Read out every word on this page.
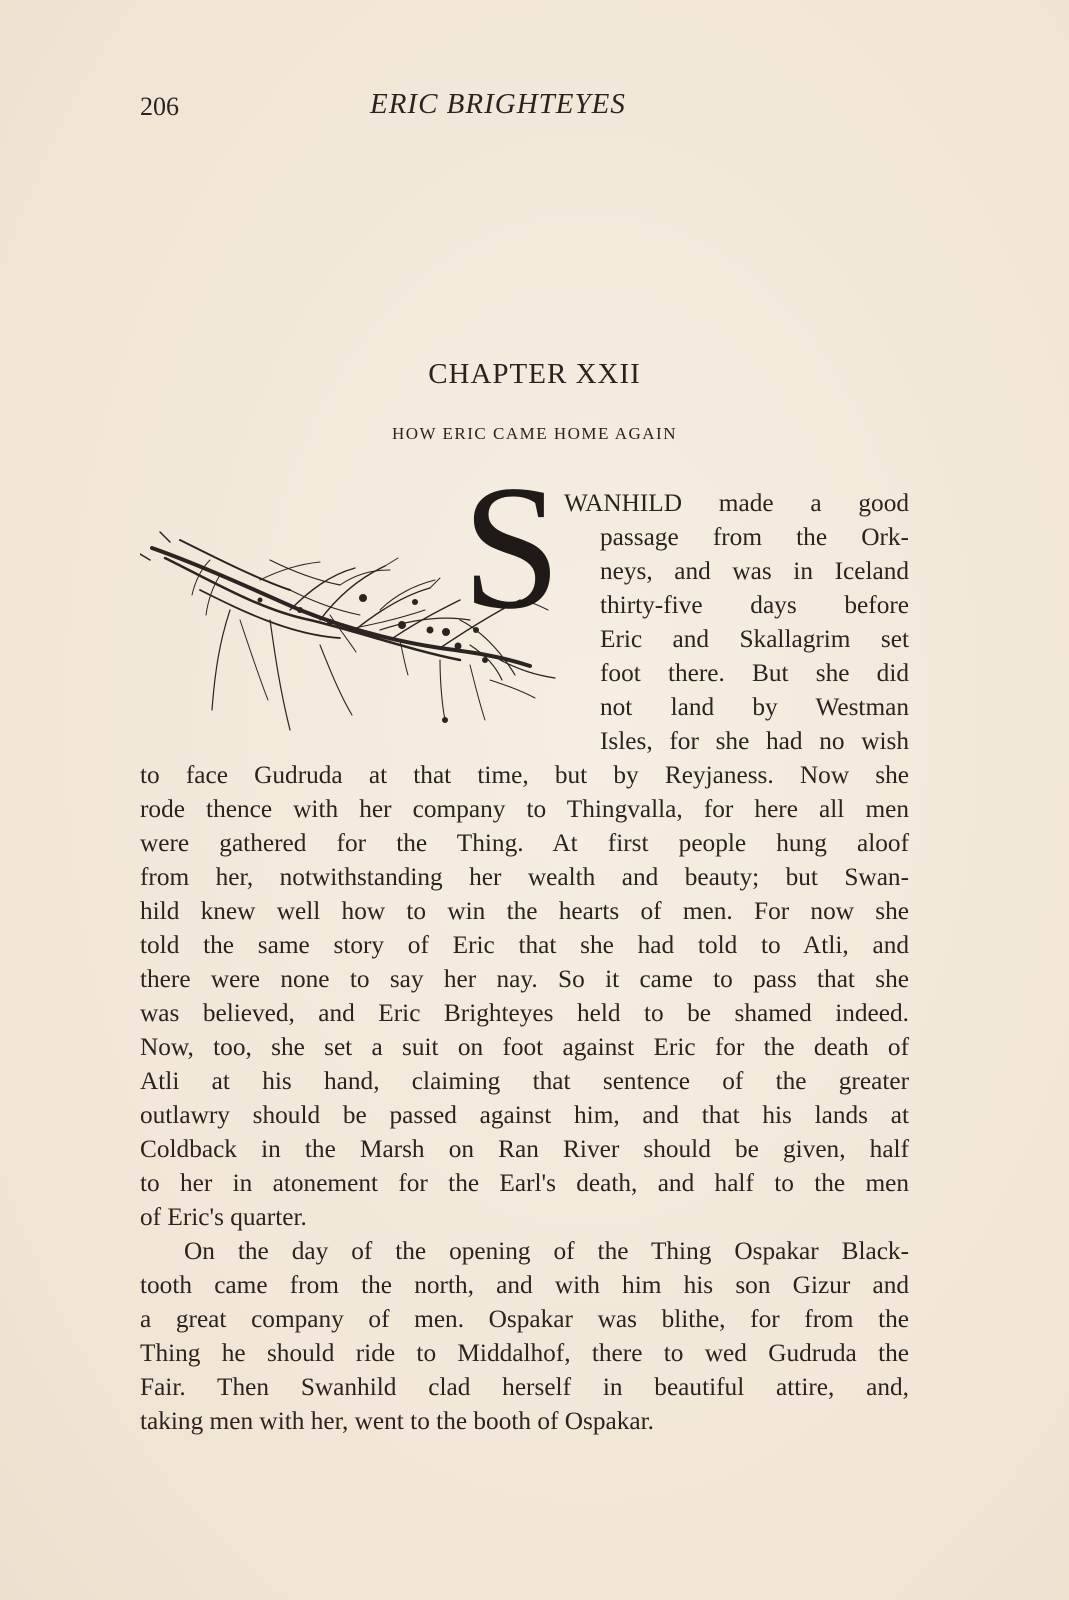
206	ERIC BRIGHTEYES
CHAPTER XXII
HOW ERIC CAME HOME AGAIN
S WANHILD made a good
passage from the Ork-
neys, and was in Iceland
thirty-five days before
Eric and Skallagrim set
foot there. But she did
not land by Westman
Isles, for she had no wish
to face Gudruda at that time, but by Reyjaness. Now she
rode thence with her company to Thingvalla, for here all men
were gathered for the Thing. At first people hung aloof
from her, notwithstanding her wealth and beauty; but Swan-
hild knew well how to win the hearts of men. For now she
told the same story of Eric that she had told to Atli, and
there were none to say her nay. So it came to pass that she
was believed, and Eric Brighteyes held to be shamed indeed.
Now, too, she set a suit on foot against Eric for the death of
Atli at his hand, claiming that sentence of the greater
outlawry should be passed against him, and that his lands at
Coldback in the Marsh on Ran River should be given, half
to her in atonement for the Earl's death, and half to the men
of Eric's quarter.
On the day of the opening of the Thing Ospakar Black-
tooth came from the north, and with him his son Gizur and
a great company of men. Ospakar was blithe, for from the
Thing he should ride to Middalhof, there to wed Gudruda the
Fair. Then Swanhild clad herself in beautiful attire, and,
taking men with her, went to the booth of Ospakar.
